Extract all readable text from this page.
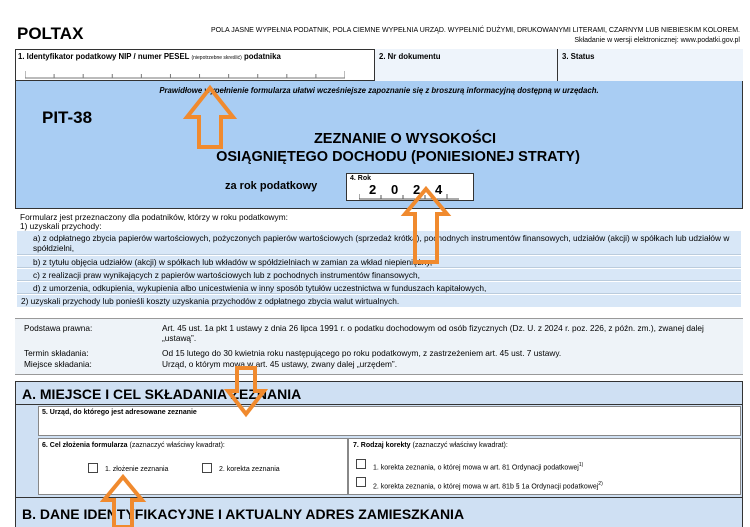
POLTAX	POLA JASNE WYPEŁNIA PODATNIK, POLA CIEMNE WYPEŁNIA URZĄD. WYPEŁNIĆ DUŻYMI, DRUKOWANYMI LITERAMI, CZARNYM LUB NIEBIESKIM KOLOREM.
Składanie w wersji elektronicznej: www.podatki.gov.pl
1. Identyfikator podatkowy NIP / numer PESEL (niepotrzebne skreślić) podatnika	2. Nr dokumentu	3. Status
Prawidłowe wypełnienie formularza ułatwi wcześniejsze zapoznanie się z broszurą informacyjną dostępną w urzędach.
PIT-38
ZEZNANIE O WYSOKOŚCI
OSIĄGNIĘTEGO DOCHODU (PONIESIONEJ STRATY)
za rok podatkowy
4. Rok
2 0 2 4
Formularz jest przeznaczony dla podatników, którzy w roku podatkowym:
1) uzyskali przychody:
a) z odpłatnego zbycia papierów wartościowych, pożyczonych papierów wartościowych (sprzedaż krótka), pochodnych instrumentów finansowych, udziałów (akcji) w spółkach lub udziałów w spółdzielni,
b) z tytułu objęcia udziałów (akcji) w spółkach lub wkładów w spółdzielniach w zamian za wkład niepieniężny,
c) z realizacji praw wynikających z papierów wartościowych lub z pochodnych instrumentów finansowych,
d) z umorzenia, odkupienia, wykupienia albo unicestwienia w inny sposób tytułów uczestnictwa w funduszach kapitałowych,
2) uzyskali przychody lub ponieśli koszty uzyskania przychodów z odpłatnego zbycia walut wirtualnych.
Podstawa prawna:	Art. 45 ust. 1a pkt 1 ustawy z dnia 26 lipca 1991 r. o podatku dochodowym od osób fizycznych (Dz. U. z 2024 r. poz. 226, z późn. zm.), zwanej dalej „ustawą”.
Termin składania:	Od 15 lutego do 30 kwietnia roku następującego po roku podatkowym, z zastrzeżeniem art. 45 ust. 7 ustawy.
Miejsce składania:	Urząd, o którym mowa w art. 45 ustawy, zwany dalej „urzędem”.
A. MIEJSCE I CEL SKŁADANIA ZEZNANIA
5. Urząd, do którego jest adresowane zeznanie
6. Cel złożenia formularza (zaznaczyć właściwy kwadrat):
1. złożenie zeznania	2. korekta zeznania
7. Rodzaj korekty (zaznaczyć właściwy kwadrat):
1. korekta zeznania, o której mowa w art. 81 Ordynacji podatkowej$^{1)}$
2. korekta zeznania, o której mowa w art. 81b § 1a Ordynacji podatkowej$^{2)}$
B. DANE IDENTYFIKACYJNE I AKTUALNY ADRES ZAMIESZKANIA
